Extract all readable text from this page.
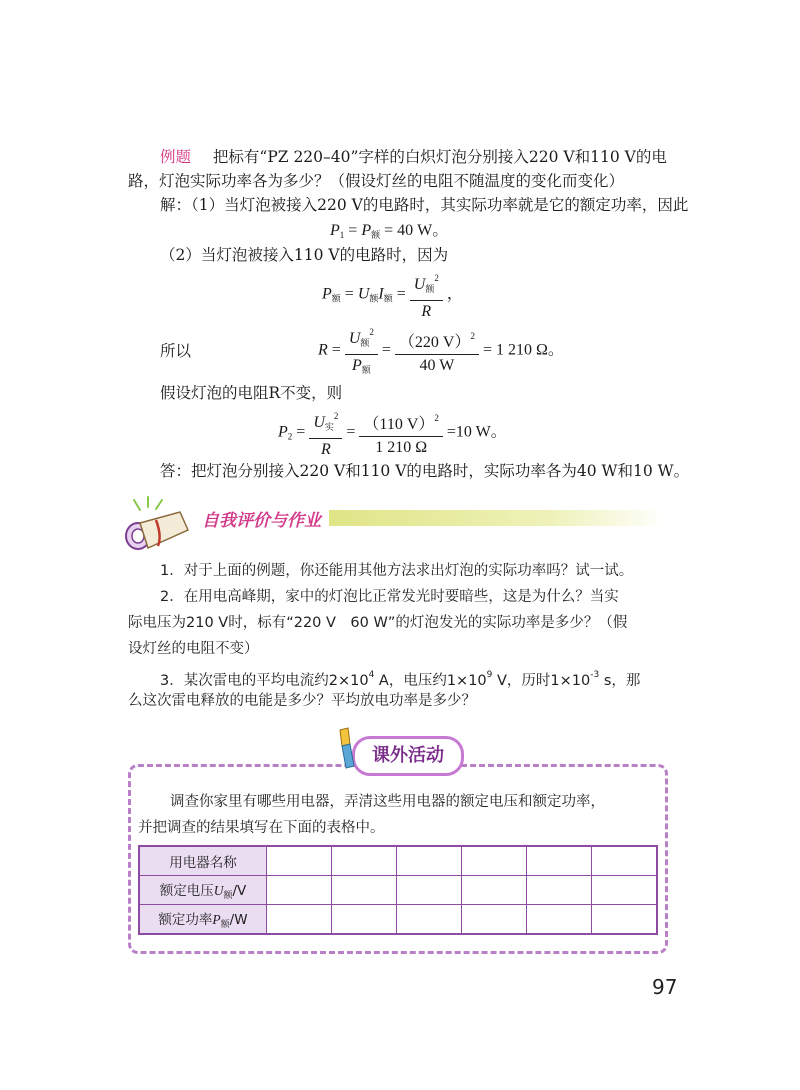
例题 把标有“PZ 220–40”字样的白炽灯泡分别接入220 V和110 V的电
路，灯泡实际功率各为多少？（假设灯丝的电阻不随温度的变化而变化）
解：（1）当灯泡被接入220 V的电路时，其实际功率就是它的额定功率，因此
$P_1 = P_额 = 40$ W。
（2）当灯泡被接入110 V的电路时，因为
$P_额 = U_额I_额 = \frac{U_额^2}{R}$ ，
所以	$R = \frac{U_额^2}{P_额} = \frac{(220 V)^2}{40 W} = 1$ 210 Ω。
假设灯泡的电阻R不变，则
$P_2 = \frac{U_实^2}{R} = \frac{(110 V)^2}{1 210 \Omega} =10$ W。
答：把灯泡分别接入220 V和110 V的电路时，实际功率各为40 W和10 W。
自我评价与作业
1．对于上面的例题，你还能用其他方法求出灯泡的实际功率吗？试一试。
2．在用电高峰期，家中的灯泡比正常发光时要暗些，这是为什么？当实
际电压为210 V时，标有“220 V　60 W”的灯泡发光的实际功率是多少？（假
设灯丝的电阻不变）
3．某次雷电的平均电流约$2\times 10^4$ A，电压约$1\times 10^9$ V，历时$1\times 10^{-3}$ s，那
么这次雷电释放的电能是多少？平均放电功率是多少？
课外活动
调查你家里有哪些用电器，弄清这些用电器的额定电压和额定功率，
并把调查的结果填写在下面的表格中。
用电器名称						
额定电压$U_额/V$						
额定功率$P_额/W$						
97
